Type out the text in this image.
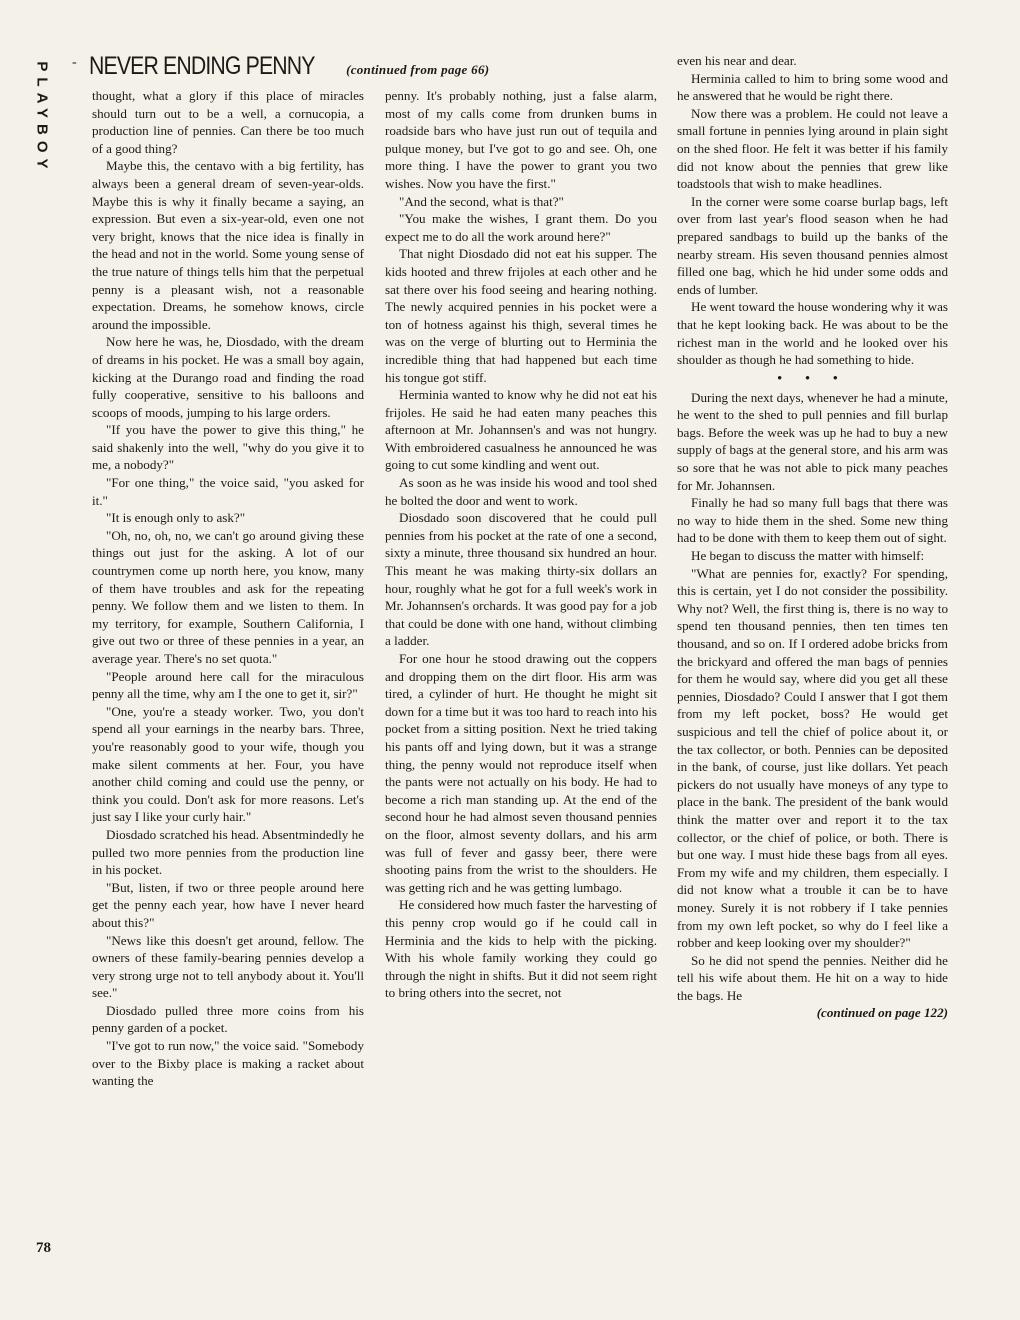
PLAYBOY - NEVER ENDING PENNY (continued from page 66)

thought, what a glory if this place of miracles should turn out to be a well, a cornucopia, a production line of pennies. Can there be too much of a good thing?

Maybe this, the centavo with a big fertility, has always been a general dream of seven-year-olds. Maybe this is why it finally became a saying, an expression. But even a six-year-old, even one not very bright, knows that the nice idea is finally in the head and not in the world. Some young sense of the true nature of things tells him that the perpetual penny is a pleasant wish, not a reasonable expectation. Dreams, he somehow knows, circle around the impossible.

Now here he was, he, Diosdado, with the dream of dreams in his pocket. He was a small boy again, kicking at the Durango road and finding the road fully cooperative, sensitive to his balloons and scoops of moods, jumping to his large orders.

"If you have the power to give this thing," he said shakenly into the well, "why do you give it to me, a nobody?"

"For one thing," the voice said, "you asked for it."

"It is enough only to ask?"

"Oh, no, oh, no, we can't go around giving these things out just for the asking. A lot of our countrymen come up north here, you know, many of them have troubles and ask for the repeating penny. We follow them and we listen to them. In my territory, for example, Southern California, I give out two or three of these pennies in a year, an average year. There's no set quota."

"People around here call for the miraculous penny all the time, why am I the one to get it, sir?"

"One, you're a steady worker. Two, you don't spend all your earnings in the nearby bars. Three, you're reasonably good to your wife, though you make silent comments at her. Four, you have another child coming and could use the penny, or think you could. Don't ask for more reasons. Let's just say I like your curly hair."

Diosdado scratched his head. Absentmindedly he pulled two more pennies from the production line in his pocket.

"But, listen, if two or three people around here get the penny each year, how have I never heard about this?"

"News like this doesn't get around, fellow. The owners of these family-bearing pennies develop a very strong urge not to tell anybody about it. You'll see."

Diosdado pulled three more coins from his penny garden of a pocket.

"I've got to run now," the voice said. "Somebody over to the Bixby place is making a racket about wanting the

penny. It's probably nothing, just a false alarm, most of my calls come from drunken bums in roadside bars who have just run out of tequila and pulque money, but I've got to go and see. Oh, one more thing. I have the power to grant you two wishes. Now you have the first."

"And the second, what is that?"

"You make the wishes, I grant them. Do you expect me to do all the work around here?"

That night Diosdado did not eat his supper. The kids hooted and threw frijoles at each other and he sat there over his food seeing and hearing nothing. The newly acquired pennies in his pocket were a ton of hotness against his thigh, several times he was on the verge of blurting out to Herminia the incredible thing that had happened but each time his tongue got stiff.

Herminia wanted to know why he did not eat his frijoles. He said he had eaten many peaches this afternoon at Mr. Johannsen's and was not hungry. With embroidered casualness he announced he was going to cut some kindling and went out.

As soon as he was inside his wood and tool shed he bolted the door and went to work.

Diosdado soon discovered that he could pull pennies from his pocket at the rate of one a second, sixty a minute, three thousand six hundred an hour. This meant he was making thirty-six dollars an hour, roughly what he got for a full week's work in Mr. Johannsen's orchards. It was good pay for a job that could be done with one hand, without climbing a ladder.

For one hour he stood drawing out the coppers and dropping them on the dirt floor. His arm was tired, a cylinder of hurt. He thought he might sit down for a time but it was too hard to reach into his pocket from a sitting position. Next he tried taking his pants off and lying down, but it was a strange thing, the penny would not reproduce itself when the pants were not actually on his body. He had to become a rich man standing up. At the end of the second hour he had almost seven thousand pennies on the floor, almost seventy dollars, and his arm was full of fever and gassy beer, there were shooting pains from the wrist to the shoulders. He was getting rich and he was getting lumbago.

He considered how much faster the harvesting of this penny crop would go if he could call in Herminia and the kids to help with the picking. With his whole family working they could go through the night in shifts. But it did not seem right to bring others into the secret, not

even his near and dear.

Herminia called to him to bring some wood and he answered that he would be right there.

Now there was a problem. He could not leave a small fortune in pennies lying around in plain sight on the shed floor. He felt it was better if his family did not know about the pennies that grew like toadstools that wish to make headlines.

In the corner were some coarse burlap bags, left over from last year's flood season when he had prepared sandbags to build up the banks of the nearby stream. His seven thousand pennies almost filled one bag, which he hid under some odds and ends of lumber.

He went toward the house wondering why it was that he kept looking back. He was about to be the richest man in the world and he looked over his shoulder as though he had something to hide.

• • •

During the next days, whenever he had a minute, he went to the shed to pull pennies and fill burlap bags. Before the week was up he had to buy a new supply of bags at the general store, and his arm was so sore that he was not able to pick many peaches for Mr. Johannsen.

Finally he had so many full bags that there was no way to hide them in the shed. Some new thing had to be done with them to keep them out of sight.

He began to discuss the matter with himself:

"What are pennies for, exactly? For spending, this is certain, yet I do not consider the possibility. Why not? Well, the first thing is, there is no way to spend ten thousand pennies, then ten times ten thousand, and so on. If I ordered adobe bricks from the brickyard and offered the man bags of pennies for them he would say, where did you get all these pennies, Diosdado? Could I answer that I got them from my left pocket, boss? He would get suspicious and tell the chief of police about it, or the tax collector, or both. Pennies can be deposited in the bank, of course, just like dollars. Yet peach pickers do not usually have moneys of any type to place in the bank. The president of the bank would think the matter over and report it to the tax collector, or the chief of police, or both. There is but one way. I must hide these bags from all eyes. From my wife and my children, them especially. I did not know what a trouble it can be to have money. Surely it is not robbery if I take pennies from my own left pocket, so why do I feel like a robber and keep looking over my shoulder?"

So he did not spend the pennies. Neither did he tell his wife about them. He hit on a way to hide the bags. He

(continued on page 122)
78
